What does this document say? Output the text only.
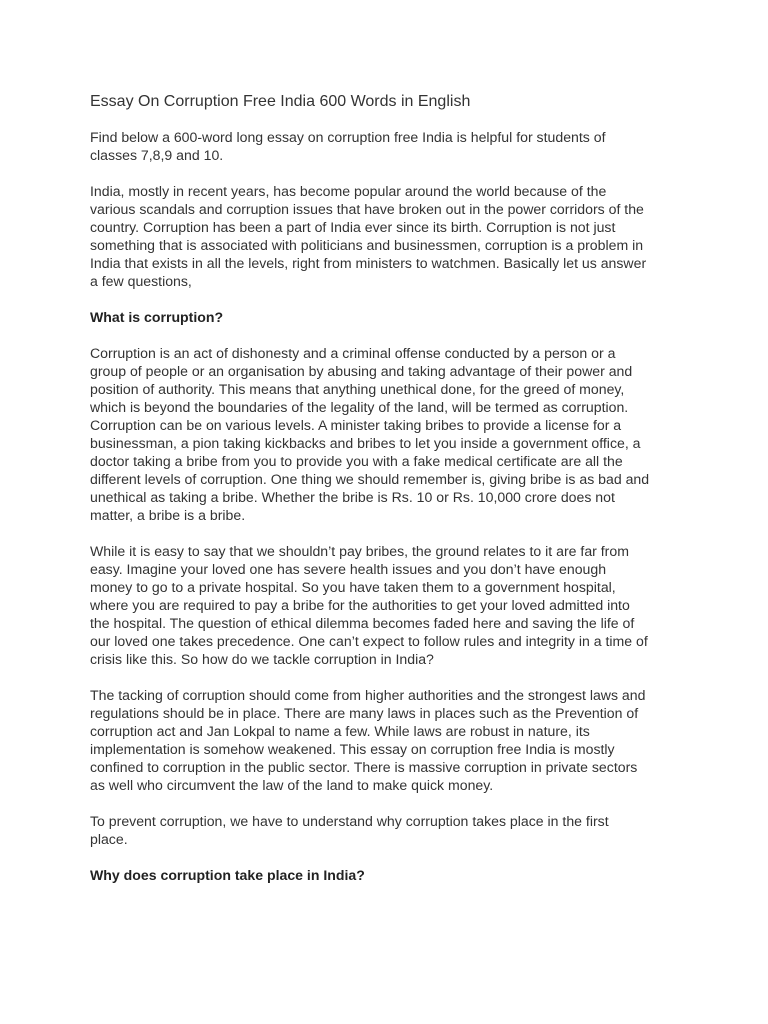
Essay On Corruption Free India 600 Words in English

Find below a 600-word long essay on corruption free India is helpful for students of classes 7,8,9 and 10.

India, mostly in recent years, has become popular around the world because of the various scandals and corruption issues that have broken out in the power corridors of the country. Corruption has been a part of India ever since its birth. Corruption is not just something that is associated with politicians and businessmen, corruption is a problem in India that exists in all the levels, right from ministers to watchmen. Basically let us answer a few questions,

What is corruption?

Corruption is an act of dishonesty and a criminal offense conducted by a person or a group of people or an organisation by abusing and taking advantage of their power and position of authority. This means that anything unethical done, for the greed of money, which is beyond the boundaries of the legality of the land, will be termed as corruption. Corruption can be on various levels. A minister taking bribes to provide a license for a businessman, a pion taking kickbacks and bribes to let you inside a government office, a doctor taking a bribe from you to provide you with a fake medical certificate are all the different levels of corruption. One thing we should remember is, giving bribe is as bad and unethical as taking a bribe. Whether the bribe is Rs. 10 or Rs. 10,000 crore does not matter, a bribe is a bribe.

While it is easy to say that we shouldn’t pay bribes, the ground relates to it are far from easy. Imagine your loved one has severe health issues and you don’t have enough money to go to a private hospital. So you have taken them to a government hospital, where you are required to pay a bribe for the authorities to get your loved admitted into the hospital. The question of ethical dilemma becomes faded here and saving the life of our loved one takes precedence. One can’t expect to follow rules and integrity in a time of crisis like this. So how do we tackle corruption in India?

The tacking of corruption should come from higher authorities and the strongest laws and regulations should be in place. There are many laws in places such as the Prevention of corruption act and Jan Lokpal to name a few. While laws are robust in nature, its implementation is somehow weakened. This essay on corruption free India is mostly confined to corruption in the public sector. There is massive corruption in private sectors as well who circumvent the law of the land to make quick money.

To prevent corruption, we have to understand why corruption takes place in the first place.

Why does corruption take place in India?
